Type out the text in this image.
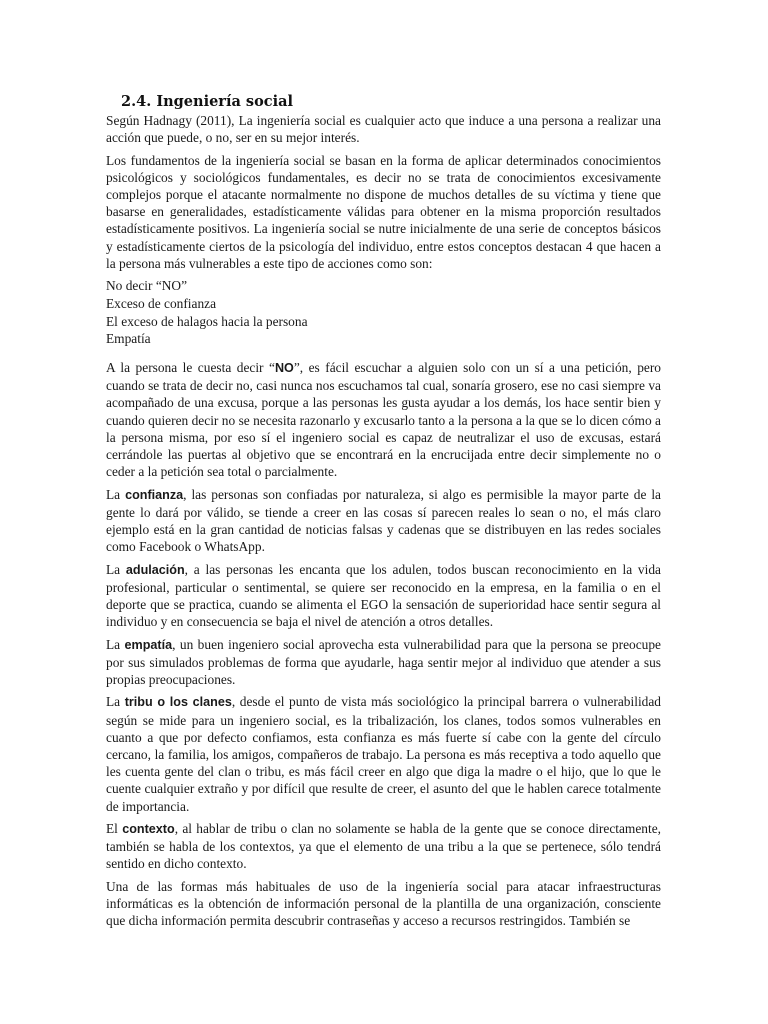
2.4. Ingeniería social

Según Hadnagy (2011), La ingeniería social es cualquier acto que induce a una persona a realizar una acción que puede, o no, ser en su mejor interés.

Los fundamentos de la ingeniería social se basan en la forma de aplicar determinados conocimientos psicológicos y sociológicos fundamentales, es decir no se trata de conocimientos excesivamente complejos porque el atacante normalmente no dispone de muchos detalles de su víctima y tiene que basarse en generalidades, estadísticamente válidas para obtener en la misma proporción resultados estadísticamente positivos. La ingeniería social se nutre inicialmente de una serie de conceptos básicos y estadísticamente ciertos de la psicología del individuo, entre estos conceptos destacan 4 que hacen a la persona más vulnerables a este tipo de acciones como son:

No decir “NO”
Exceso de confianza
El exceso de halagos hacia la persona
Empatía

A la persona le cuesta decir “NO”, es fácil escuchar a alguien solo con un sí a una petición, pero cuando se trata de decir no, casi nunca nos escuchamos tal cual, sonaría grosero, ese no casi siempre va acompañado de una excusa, porque a las personas les gusta ayudar a los demás, los hace sentir bien y cuando quieren decir no se necesita razonarlo y excusarlo tanto a la persona a la que se lo dicen cómo a la persona misma, por eso sí el ingeniero social es capaz de neutralizar el uso de excusas, estará cerrándole las puertas al objetivo que se encontrará en la encrucijada entre decir simplemente no o ceder a la petición sea total o parcialmente.

La confianza, las personas son confiadas por naturaleza, si algo es permisible la mayor parte de la gente lo dará por válido, se tiende a creer en las cosas sí parecen reales lo sean o no, el más claro ejemplo está en la gran cantidad de noticias falsas y cadenas que se distribuyen en las redes sociales como Facebook o WhatsApp.

La adulación, a las personas les encanta que los adulen, todos buscan reconocimiento en la vida profesional, particular o sentimental, se quiere ser reconocido en la empresa, en la familia o en el deporte que se practica, cuando se alimenta el EGO la sensación de superioridad hace sentir segura al individuo y en consecuencia se baja el nivel de atención a otros detalles.

La empatía, un buen ingeniero social aprovecha esta vulnerabilidad para que la persona se preocupe por sus simulados problemas de forma que ayudarle, haga sentir mejor al individuo que atender a sus propias preocupaciones.

La tribu o los clanes, desde el punto de vista más sociológico la principal barrera o vulnerabilidad según se mide para un ingeniero social, es la tribalización, los clanes, todos somos vulnerables en cuanto a que por defecto confiamos, esta confianza es más fuerte sí cabe con la gente del círculo cercano, la familia, los amigos, compañeros de trabajo. La persona es más receptiva a todo aquello que les cuenta gente del clan o tribu, es más fácil creer en algo que diga la madre o el hijo, que lo que le cuente cualquier extraño y por difícil que resulte de creer, el asunto del que le hablen carece totalmente de importancia.

El contexto, al hablar de tribu o clan no solamente se habla de la gente que se conoce directamente, también se habla de los contextos, ya que el elemento de una tribu a la que se pertenece, sólo tendrá sentido en dicho contexto.

Una de las formas más habituales de uso de la ingeniería social para atacar infraestructuras informáticas es la obtención de información personal de la plantilla de una organización, consciente que dicha información permita descubrir contraseñas y acceso a recursos restringidos. También se
